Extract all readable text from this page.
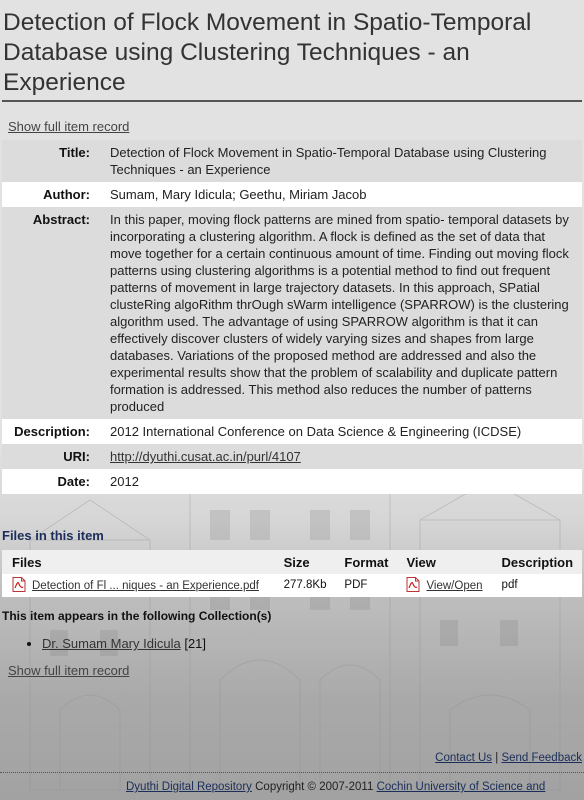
Detection of Flock Movement in Spatio-Temporal Database using Clustering Techniques - an Experience
Show full item record
Title:	Detection of Flock Movement in Spatio-Temporal Database using Clustering Techniques - an Experience
Author:	Sumam, Mary Idicula; Geethu, Miriam Jacob
Abstract:	In this paper, moving flock patterns are mined from spatio- temporal datasets by incorporating a clustering algorithm. A flock is defined as the set of data that move together for a certain continuous amount of time. Finding out moving flock patterns using clustering algorithms is a potential method to find out frequent patterns of movement in large trajectory datasets. In this approach, SPatial clusteRing algoRithm thrOugh sWarm intelligence (SPARROW) is the clustering algorithm used. The advantage of using SPARROW algorithm is that it can effectively discover clusters of widely varying sizes and shapes from large databases. Variations of the proposed method are addressed and also the experimental results show that the problem of scalability and duplicate pattern formation is addressed. This method also reduces the number of patterns produced
Description:	2012 International Conference on Data Science & Engineering (ICDSE)
URI:	http://dyuthi.cusat.ac.in/purl/4107
Date:	2012
Files in this item
Files	Size	Format	View	Description
Detection of Fl ... niques - an Experience.pdf	277.8Kb	PDF	View/Open	pdf
This item appears in the following Collection(s)
• Dr. Sumam Mary Idicula [21]
Show full item record
Contact Us | Send Feedback
Dyuthi Digital Repository Copyright © 2007-2011 Cochin University of Science and
